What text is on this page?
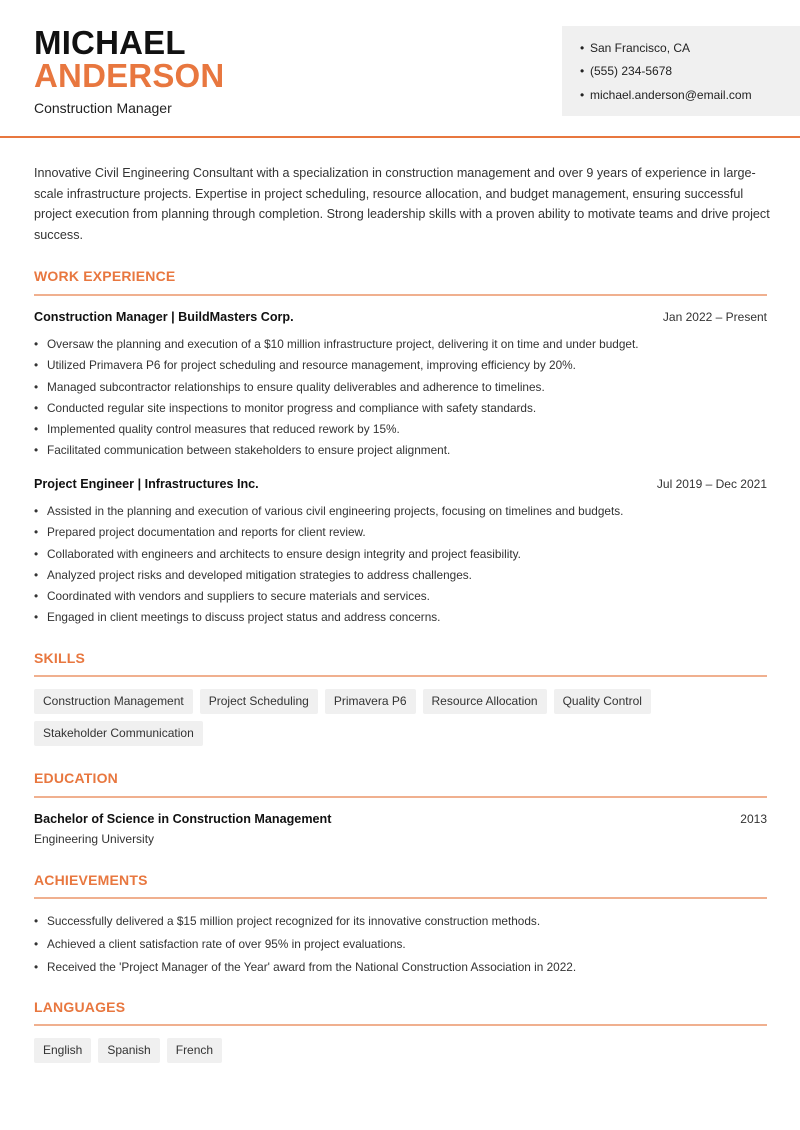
MICHAEL
ANDERSON
Construction Manager
• San Francisco, CA
• (555) 234-5678
• michael.anderson@email.com
Innovative Civil Engineering Consultant with a specialization in construction management and over 9 years of experience in large-scale infrastructure projects. Expertise in project scheduling, resource allocation, and budget management, ensuring successful project execution from planning through completion. Strong leadership skills with a proven ability to motivate teams and drive project success.
WORK EXPERIENCE
Construction Manager | BuildMasters Corp.	Jan 2022 – Present
• Oversaw the planning and execution of a $10 million infrastructure project, delivering it on time and under budget.
• Utilized Primavera P6 for project scheduling and resource management, improving efficiency by 20%.
• Managed subcontractor relationships to ensure quality deliverables and adherence to timelines.
• Conducted regular site inspections to monitor progress and compliance with safety standards.
• Implemented quality control measures that reduced rework by 15%.
• Facilitated communication between stakeholders to ensure project alignment.
Project Engineer | Infrastructures Inc.	Jul 2019 – Dec 2021
• Assisted in the planning and execution of various civil engineering projects, focusing on timelines and budgets.
• Prepared project documentation and reports for client review.
• Collaborated with engineers and architects to ensure design integrity and project feasibility.
• Analyzed project risks and developed mitigation strategies to address challenges.
• Coordinated with vendors and suppliers to secure materials and services.
• Engaged in client meetings to discuss project status and address concerns.
SKILLS
Construction Management	Project Scheduling	Primavera P6	Resource Allocation	Quality Control
Stakeholder Communication
EDUCATION
Bachelor of Science in Construction Management	2013
Engineering University
ACHIEVEMENTS
• Successfully delivered a $15 million project recognized for its innovative construction methods.
• Achieved a client satisfaction rate of over 95% in project evaluations.
• Received the 'Project Manager of the Year' award from the National Construction Association in 2022.
LANGUAGES
English	Spanish	French
